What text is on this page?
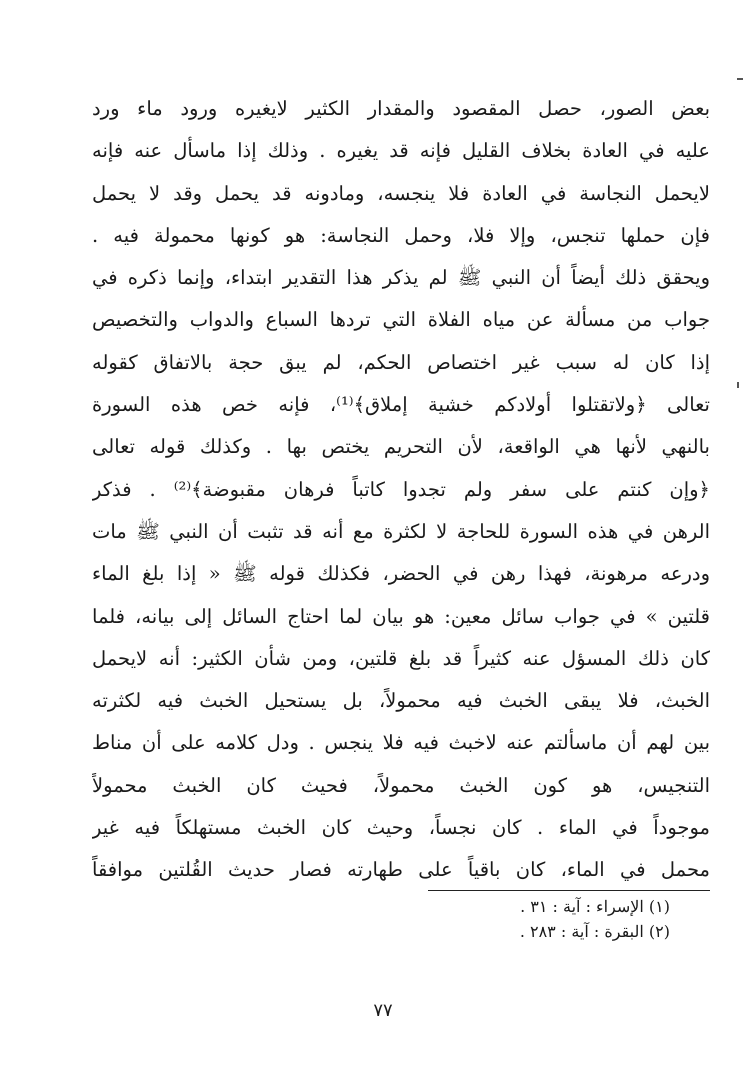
بعض الصور، حصل المقصود والمقدار الكثير لايغيره ورود ماء ورد
عليه في العادة بخلاف القليل فإنه قد يغيره . وذلك إذا ماسأل عنه فإنه
لايحمل النجاسة في العادة فلا ينجسه، ومادونه قد يحمل وقد لا يحمل
فإن حملها تنجس، وإلا فلا، وحمل النجاسة: هو كونها محمولة فيه .
ويحقق ذلك أيضاً أن النبي ﷺ لم يذكر هذا التقدير ابتداء، وإنما ذكره في
جواب من مسألة عن مياه الفلاة التي تردها السباع والدواب والتخصيص
إذا كان له سبب غير اختصاص الحكم، لم يبق حجة بالاتفاق كقوله
تعالى ﴿ولاتقتلوا أولادكم خشية إملاق﴾⁽¹⁾، فإنه خص هذه السورة
بالنهي لأنها هي الواقعة، لأن التحريم يختص بها . وكذلك قوله تعالى
﴿وإن كنتم على سفر ولم تجدوا كاتباً فرهان مقبوضة﴾⁽²⁾ . فذكر
الرهن في هذه السورة للحاجة لا لكثرة مع أنه قد تثبت أن النبي ﷺ مات
ودرعه مرهونة، فهذا رهن في الحضر، فكذلك قوله ﷺ « إذا بلغ الماء
قلتين » في جواب سائل معين: هو بيان لما احتاج السائل إلى بيانه، فلما
كان ذلك المسؤل عنه كثيراً قد بلغ قلتين، ومن شأن الكثير: أنه لايحمل
الخبث، فلا يبقى الخبث فيه محمولاً، بل يستحيل الخبث فيه لكثرته
بين لهم أن ماسألتم عنه لاخبث فيه فلا ينجس . ودل كلامه على أن مناط
التنجيس، هو كون الخبث محمولاً، فحيث كان الخبث محمولاً
موجوداً في الماء . كان نجساً، وحيث كان الخبث مستهلكاً فيه غير
محمل في الماء، كان باقياً على طهارته فصار حديث القُلتين موافقاً
(١) الإسراء : آية : ٣١ .
(٢) البقرة : آية : ٢٨٣ .
٧٧
